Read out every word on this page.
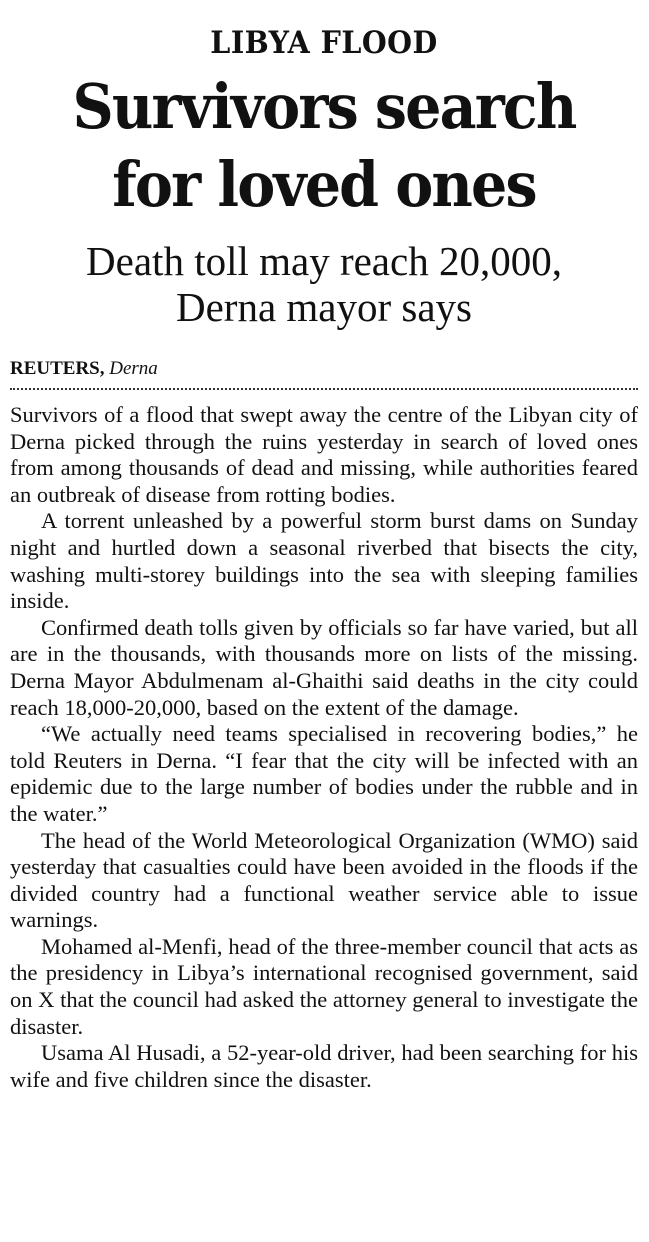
LIBYA FLOOD
Survivors search
for loved ones
Death toll may reach 20,000,
Derna mayor says
REUTERS, Derna

Survivors of a flood that swept away the centre of the Libyan city of Derna picked through the ruins yesterday in search of loved ones from among thousands of dead and missing, while authorities feared an outbreak of disease from rotting bodies.

A torrent unleashed by a powerful storm burst dams on Sunday night and hurtled down a seasonal riverbed that bisects the city, washing multi-storey buildings into the sea with sleeping families inside.

Confirmed death tolls given by officials so far have varied, but all are in the thousands, with thousands more on lists of the missing. Derna Mayor Abdulmenam al-Ghaithi said deaths in the city could reach 18,000-20,000, based on the extent of the damage.

“We actually need teams specialised in recovering bodies,” he told Reuters in Derna. “I fear that the city will be infected with an epidemic due to the large number of bodies under the rubble and in the water.”

The head of the World Meteorological Organization (WMO) said yesterday that casualties could have been avoided in the floods if the divided country had a functional weather service able to issue warnings.

Mohamed al-Menfi, head of the three-member council that acts as the presidency in Libya’s international recognised government, said on X that the council had asked the attorney general to investigate the disaster.

Usama Al Husadi, a 52-year-old driver, had been searching for his wife and five children since the disaster.
